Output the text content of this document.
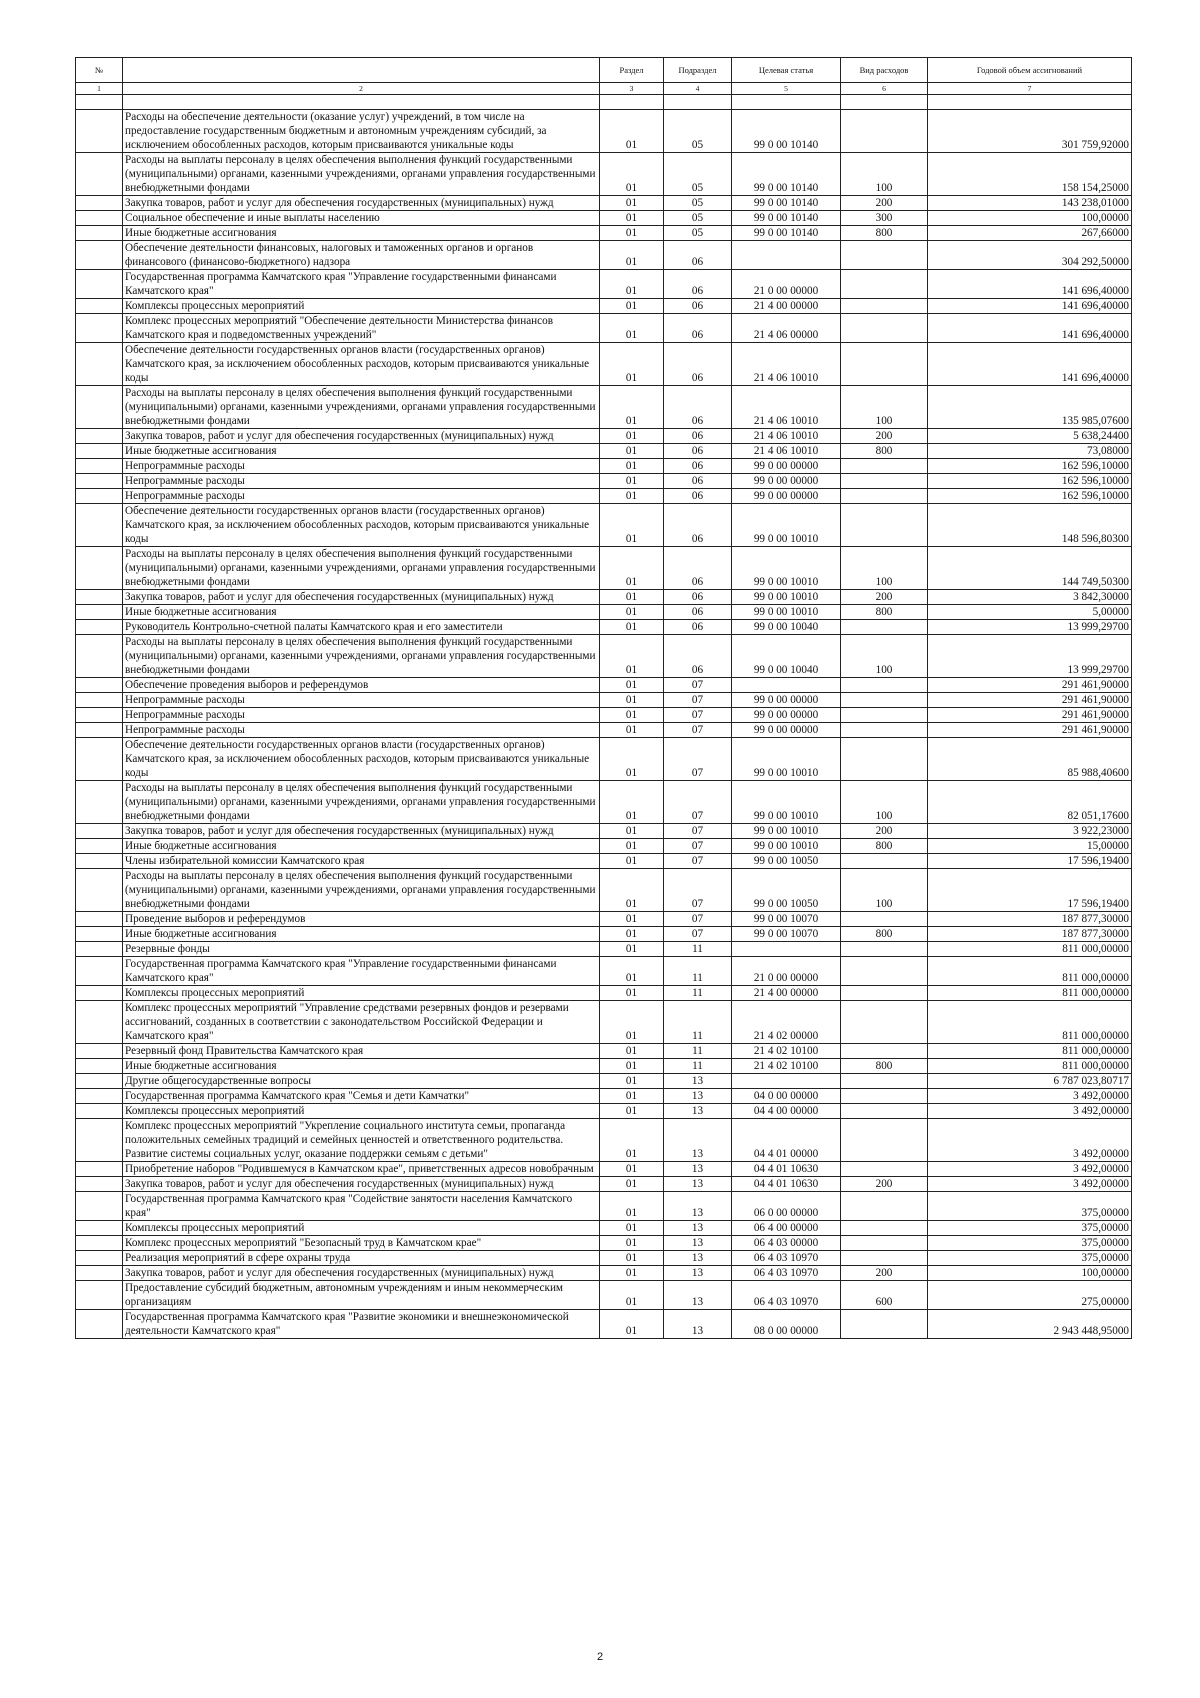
№		Раздел	Подраздел	Целевая статья	Вид расходов	Годовой объем ассигнований
1	2	3	4	5	6	7

	Расходы на обеспечение деятельности (оказание услуг) учреждений, в том числе на предоставление государственным бюджетным и автономным учреждениям субсидий, за исключением обособленных расходов, которым присваиваются уникальные коды	01	05	99 0 00 10140		301 759,92000
	Расходы на выплаты персоналу в целях обеспечения выполнения функций государственными (муниципальными) органами, казенными учреждениями, органами управления государственными внебюджетными фондами	01	05	99 0 00 10140	100	158 154,25000
	Закупка товаров, работ и услуг для обеспечения государственных (муниципальных) нужд	01	05	99 0 00 10140	200	143 238,01000
	Социальное обеспечение и иные выплаты населению	01	05	99 0 00 10140	300	100,00000
	Иные бюджетные ассигнования	01	05	99 0 00 10140	800	267,66000
	Обеспечение деятельности финансовых, налоговых и таможенных органов и органов финансового (финансово-бюджетного) надзора	01	06			304 292,50000
	Государственная программа Камчатского края "Управление государственными финансами Камчатского края"	01	06	21 0 00 00000		141 696,40000
	Комплексы процессных мероприятий	01	06	21 4 00 00000		141 696,40000
	Комплекс процессных мероприятий "Обеспечение деятельности Министерства финансов Камчатского края и подведомственных учреждений"	01	06	21 4 06 00000		141 696,40000
	Обеспечение деятельности государственных органов власти (государственных органов) Камчатского края, за исключением обособленных расходов, которым присваиваются уникальные коды	01	06	21 4 06 10010		141 696,40000
	Расходы на выплаты персоналу в целях обеспечения выполнения функций государственными (муниципальными) органами, казенными учреждениями, органами управления государственными внебюджетными фондами	01	06	21 4 06 10010	100	135 985,07600
	Закупка товаров, работ и услуг для обеспечения государственных (муниципальных) нужд	01	06	21 4 06 10010	200	5 638,24400
	Иные бюджетные ассигнования	01	06	21 4 06 10010	800	73,08000
	Непрограммные расходы	01	06	99 0 00 00000		162 596,10000
	Непрограммные расходы	01	06	99 0 00 00000		162 596,10000
	Непрограммные расходы	01	06	99 0 00 00000		162 596,10000
	Обеспечение деятельности государственных органов власти (государственных органов) Камчатского края, за исключением обособленных расходов, которым присваиваются уникальные коды	01	06	99 0 00 10010		148 596,80300
	Расходы на выплаты персоналу в целях обеспечения выполнения функций государственными (муниципальными) органами, казенными учреждениями, органами управления государственными внебюджетными фондами	01	06	99 0 00 10010	100	144 749,50300
	Закупка товаров, работ и услуг для обеспечения государственных (муниципальных) нужд	01	06	99 0 00 10010	200	3 842,30000
	Иные бюджетные ассигнования	01	06	99 0 00 10010	800	5,00000
	Руководитель Контрольно-счетной палаты Камчатского края и его заместители	01	06	99 0 00 10040		13 999,29700
	Расходы на выплаты персоналу в целях обеспечения выполнения функций государственными (муниципальными) органами, казенными учреждениями, органами управления государственными внебюджетными фондами	01	06	99 0 00 10040	100	13 999,29700
	Обеспечение проведения выборов и референдумов	01	07			291 461,90000
	Непрограммные расходы	01	07	99 0 00 00000		291 461,90000
	Непрограммные расходы	01	07	99 0 00 00000		291 461,90000
	Непрограммные расходы	01	07	99 0 00 00000		291 461,90000
	Обеспечение деятельности государственных органов власти (государственных органов) Камчатского края, за исключением обособленных расходов, которым присваиваются уникальные коды	01	07	99 0 00 10010		85 988,40600
	Расходы на выплаты персоналу в целях обеспечения выполнения функций государственными (муниципальными) органами, казенными учреждениями, органами управления государственными внебюджетными фондами	01	07	99 0 00 10010	100	82 051,17600
	Закупка товаров, работ и услуг для обеспечения государственных (муниципальных) нужд	01	07	99 0 00 10010	200	3 922,23000
	Иные бюджетные ассигнования	01	07	99 0 00 10010	800	15,00000
	Члены избирательной комиссии Камчатского края	01	07	99 0 00 10050		17 596,19400
	Расходы на выплаты персоналу в целях обеспечения выполнения функций государственными (муниципальными) органами, казенными учреждениями, органами управления государственными внебюджетными фондами	01	07	99 0 00 10050	100	17 596,19400
	Проведение выборов и референдумов	01	07	99 0 00 10070		187 877,30000
	Иные бюджетные ассигнования	01	07	99 0 00 10070	800	187 877,30000
	Резервные фонды	01	11			811 000,00000
	Государственная программа Камчатского края "Управление государственными финансами Камчатского края"	01	11	21 0 00 00000		811 000,00000
	Комплексы процессных мероприятий	01	11	21 4 00 00000		811 000,00000
	Комплекс процессных мероприятий "Управление средствами резервных фондов и резервами ассигнований, созданных в соответствии с законодательством Российской Федерации и Камчатского края"	01	11	21 4 02 00000		811 000,00000
	Резервный фонд Правительства Камчатского края	01	11	21 4 02 10100		811 000,00000
	Иные бюджетные ассигнования	01	11	21 4 02 10100	800	811 000,00000
	Другие общегосударственные вопросы	01	13			6 787 023,80717
	Государственная программа Камчатского края "Семья и дети Камчатки"	01	13	04 0 00 00000		3 492,00000
	Комплексы процессных мероприятий	01	13	04 4 00 00000		3 492,00000
	Комплекс процессных мероприятий "Укрепление социального института семьи, пропаганда положительных семейных традиций и семейных ценностей и ответственного родительства. Развитие системы социальных услуг, оказание поддержки семьям с детьми"	01	13	04 4 01 00000		3 492,00000
	Приобретение наборов "Родившемуся в Камчатском крае", приветственных адресов новобрачным	01	13	04 4 01 10630		3 492,00000
	Закупка товаров, работ и услуг для обеспечения государственных (муниципальных) нужд	01	13	04 4 01 10630	200	3 492,00000
	Государственная программа Камчатского края "Содействие занятости населения Камчатского края"	01	13	06 0 00 00000		375,00000
	Комплексы процессных мероприятий	01	13	06 4 00 00000		375,00000
	Комплекс процессных мероприятий "Безопасный труд в Камчатском крае"	01	13	06 4 03 00000		375,00000
	Реализация мероприятий в сфере охраны труда	01	13	06 4 03 10970		375,00000
	Закупка товаров, работ и услуг для обеспечения государственных (муниципальных) нужд	01	13	06 4 03 10970	200	100,00000
	Предоставление субсидий бюджетным, автономным учреждениям и иным некоммерческим организациям	01	13	06 4 03 10970	600	275,00000
	Государственная программа Камчатского края "Развитие экономики и внешнеэкономической деятельности Камчатского края"	01	13	08 0 00 00000		2 943 448,95000
2
